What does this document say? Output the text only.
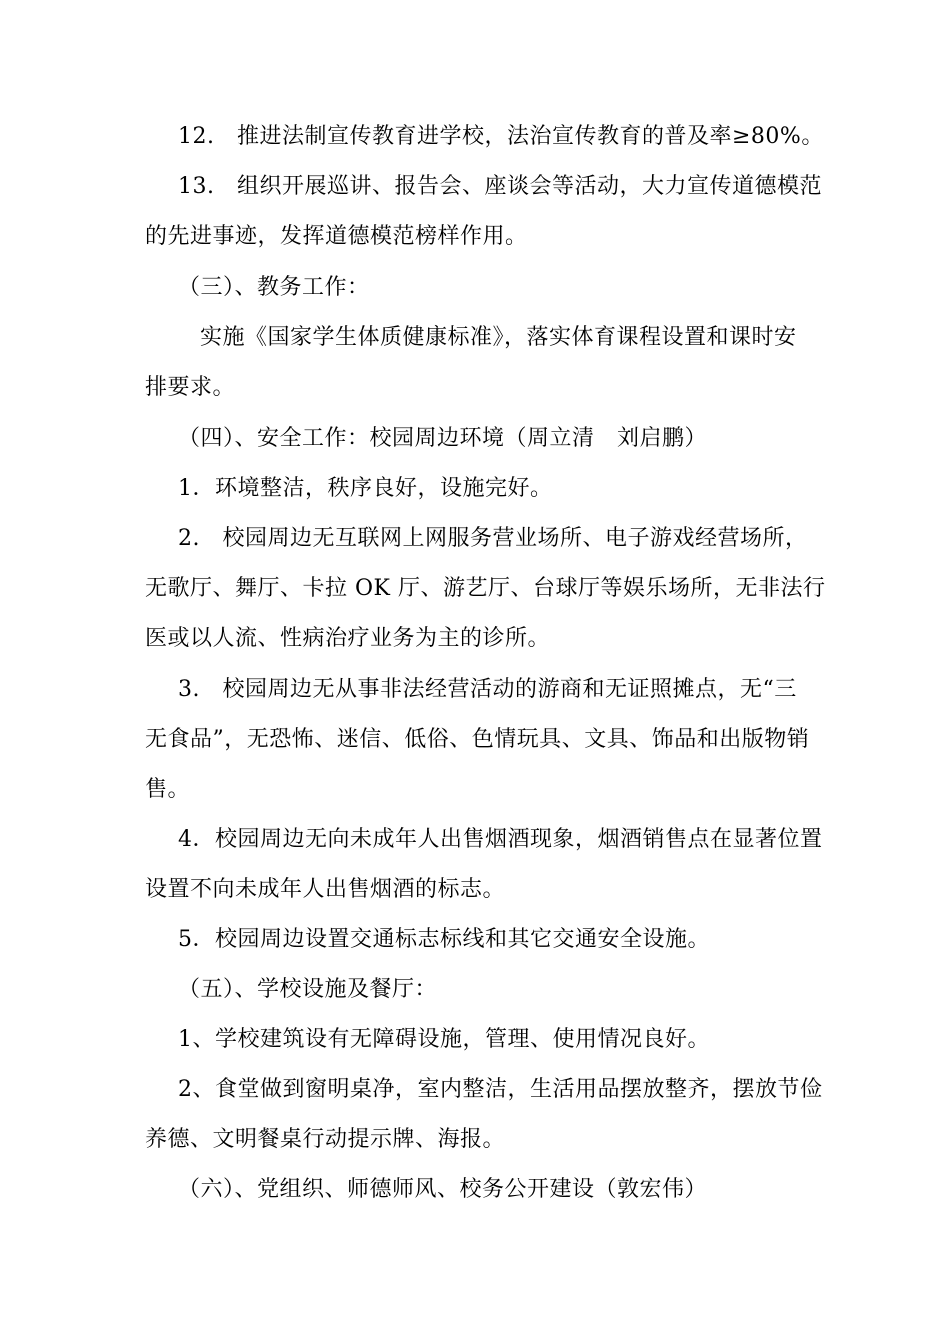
12.　推进法制宣传教育进学校，法治宣传教育的普及率≥80%。
13.　组织开展巡讲、报告会、座谈会等活动，大力宣传道德模范
的先进事迹，发挥道德模范榜样作用。
（三）、教务工作：
实施《国家学生体质健康标准》，落实体育课程设置和课时安
排要求。
（四）、安全工作：校园周边环境（周立清　刘启鹏）
1．环境整洁，秩序良好，设施完好。
2.　校园周边无互联网上网服务营业场所、电子游戏经营场所，
无歌厅、舞厅、卡拉 OK 厅、游艺厅、台球厅等娱乐场所，无非法行
医或以人流、性病治疗业务为主的诊所。
3.　校园周边无从事非法经营活动的游商和无证照摊点，无“三
无食品”，无恐怖、迷信、低俗、色情玩具、文具、饰品和出版物销
售。
4．校园周边无向未成年人出售烟酒现象，烟酒销售点在显著位置
设置不向未成年人出售烟酒的标志。
5．校园周边设置交通标志标线和其它交通安全设施。
（五）、学校设施及餐厅：
1、学校建筑设有无障碍设施，管理、使用情况良好。
2、食堂做到窗明桌净，室内整洁，生活用品摆放整齐，摆放节俭
养德、文明餐桌行动提示牌、海报。
（六）、党组织、师德师风、校务公开建设（敦宏伟）
